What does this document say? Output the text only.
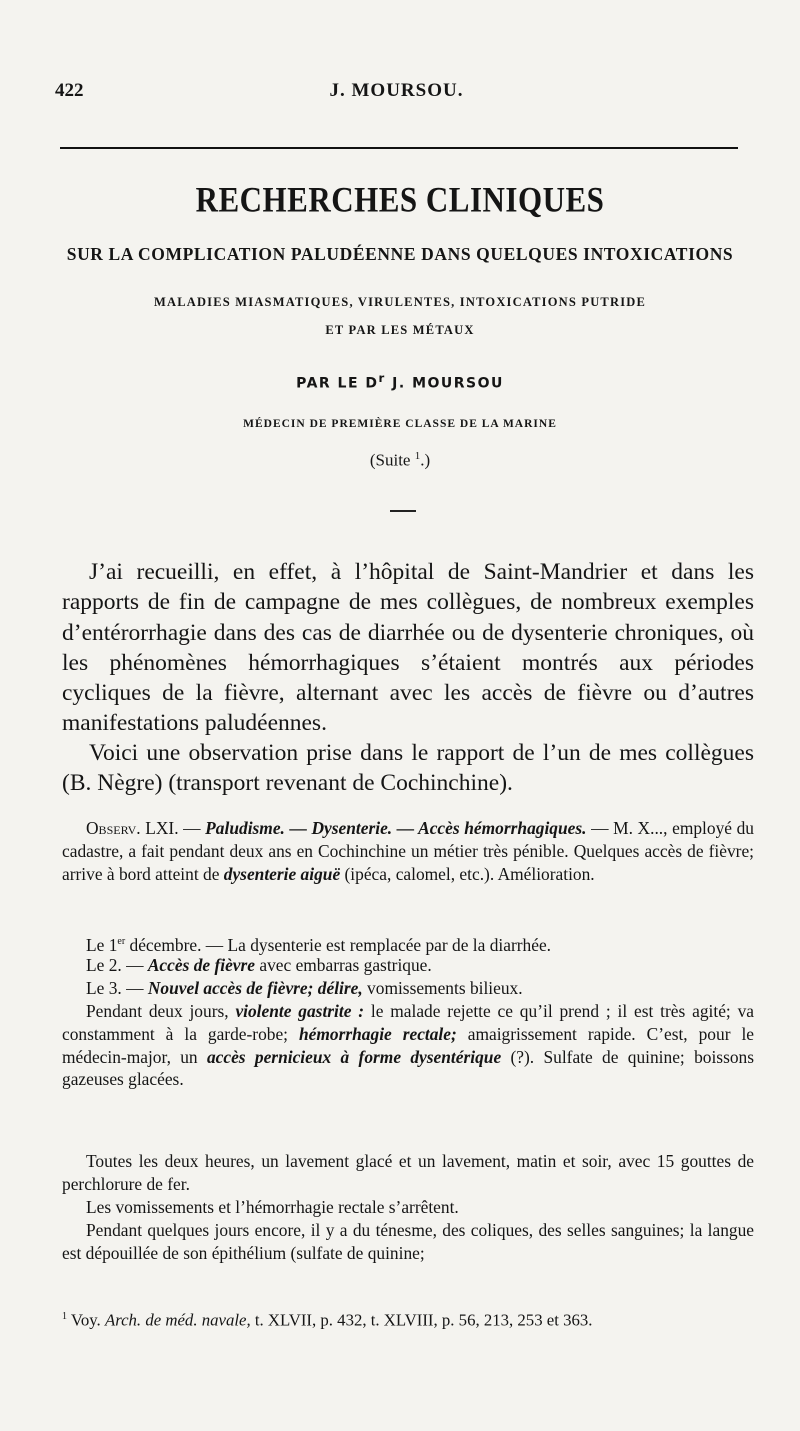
422	J. MOURSOU.
RECHERCHES CLINIQUES
SUR LA COMPLICATION PALUDÉENNE DANS QUELQUES INTOXICATIONS
MALADIES MIASMATIQUES, VIRULENTES, INTOXICATIONS PUTRIDE
ET PAR LES MÉTAUX
PAR LE $D^r$ J. MOURSOU
MÉDECIN DE PREMIÈRE CLASSE DE LA MARINE
(Suite $^1$.)

J’ai recueilli, en effet, à l’hôpital de Saint-Mandrier et dans les rapports de fin de campagne de mes collègues, de nombreux exemples d’entérorrhagie dans des cas de diarrhée ou de dysenterie chroniques, où les phénomènes hémorrhagiques s’étaient montrés aux périodes cycliques de la fièvre, alternant avec les accès de fièvre ou d’autres manifestations paludéennes.

Voici une observation prise dans le rapport de l’un de mes collègues (B. Nègre) (transport revenant de Cochinchine).

Observ. LXI. — Paludisme. — Dysenterie. — Accès hémorrhagiques. — M. X..., employé du cadastre, a fait pendant deux ans en Cochinchine un métier très pénible. Quelques accès de fièvre; arrive à bord atteint de dysenterie aiguë (ipéca, calomel, etc.). Amélioration.

Le 1er décembre. — La dysenterie est remplacée par de la diarrhée.
Le 2. — Accès de fièvre avec embarras gastrique.
Le 3. — Nouvel accès de fièvre; délire, vomissements bilieux.

Pendant deux jours, violente gastrite : le malade rejette ce qu’il prend ; il est très agité; va constamment à la garde-robe; hémorrhagie rectale; amaigrissement rapide. C’est, pour le médecin-major, un accès pernicieux à forme dysentérique (?). Sulfate de quinine; boissons gazeuses glacées.

Toutes les deux heures, un lavement glacé et un lavement, matin et soir, avec 15 gouttes de perchlorure de fer.

Les vomissements et l’hémorrhagie rectale s’arrêtent.

Pendant quelques jours encore, il y a du ténesme, des coliques, des selles sanguines; la langue est dépouillée de son épithélium (sulfate de quinine;

$^1$ Voy. Arch. de méd. navale, t. XLVII, p. 432, t. XLVIII, p. 56, 213, 253 et 363.
